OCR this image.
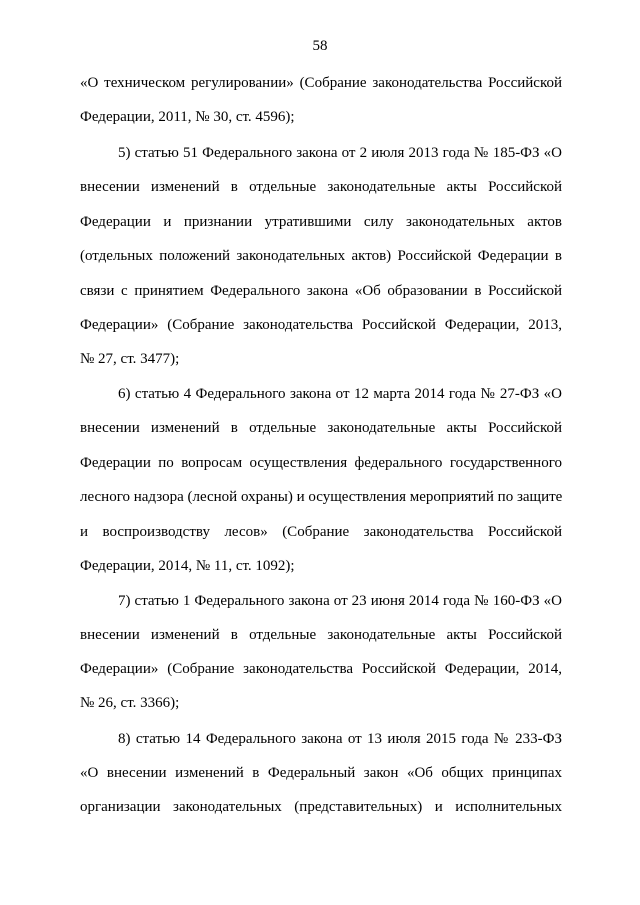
58
«О техническом регулировании» (Собрание законодательства Российской
Федерации, 2011, № 30, ст. 4596);
5) статью 51 Федерального закона от 2 июля 2013 года № 185-ФЗ «О
внесении изменений в отдельные законодательные акты Российской
Федерации и признании утратившими силу законодательных актов
(отдельных положений законодательных актов) Российской Федерации в
связи с принятием Федерального закона «Об образовании в Российской
Федерации» (Собрание законодательства Российской Федерации, 2013,
№ 27, ст. 3477);
6) статью 4 Федерального закона от 12 марта 2014 года № 27-ФЗ «О
внесении изменений в отдельные законодательные акты Российской
Федерации по вопросам осуществления федерального государственного
лесного надзора (лесной охраны) и осуществления мероприятий по защите
и воспроизводству лесов» (Собрание законодательства Российской
Федерации, 2014, № 11, ст. 1092);
7) статью 1 Федерального закона от 23 июня 2014 года № 160-ФЗ «О
внесении изменений в отдельные законодательные акты Российской
Федерации» (Собрание законодательства Российской Федерации, 2014,
№ 26, ст. 3366);
8) статью 14 Федерального закона от 13 июля 2015 года № 233-ФЗ
«О внесении изменений в Федеральный закон «Об общих принципах
организации законодательных (представительных) и исполнительных
